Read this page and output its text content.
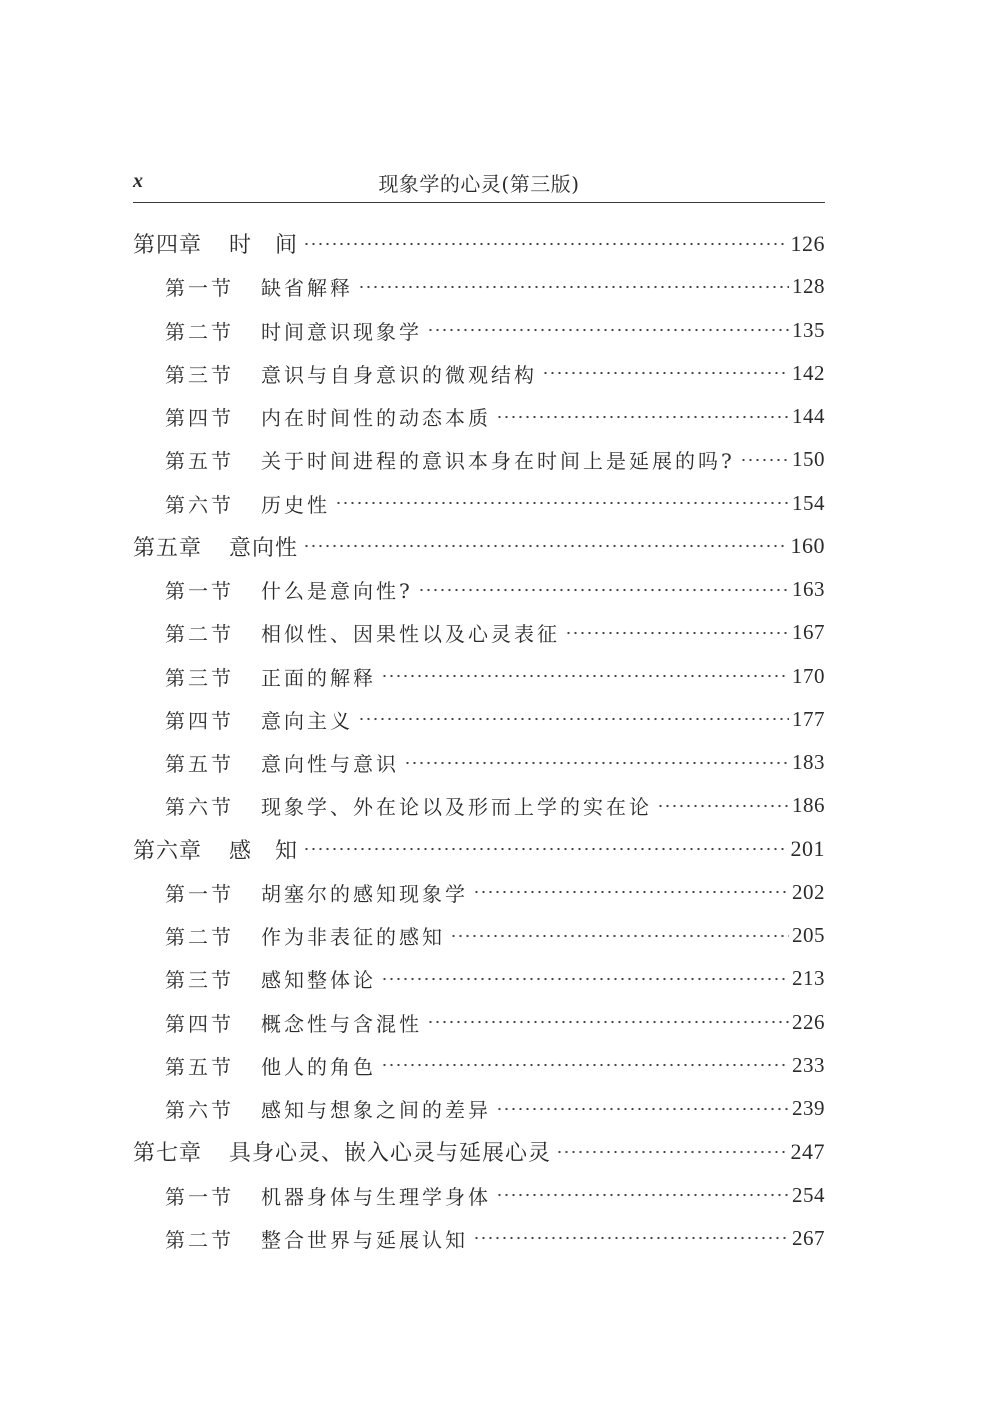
x	现象学的心灵(第三版)
第四章	时　间	126
第一节	缺省解释	128
第二节	时间意识现象学	135
第三节	意识与自身意识的微观结构	142
第四节	内在时间性的动态本质	144
第五节	关于时间进程的意识本身在时间上是延展的吗?	150
第六节	历史性	154
第五章	意向性	160
第一节	什么是意向性?	163
第二节	相似性、因果性以及心灵表征	167
第三节	正面的解释	170
第四节	意向主义	177
第五节	意向性与意识	183
第六节	现象学、外在论以及形而上学的实在论	186
第六章	感　知	201
第一节	胡塞尔的感知现象学	202
第二节	作为非表征的感知	205
第三节	感知整体论	213
第四节	概念性与含混性	226
第五节	他人的角色	233
第六节	感知与想象之间的差异	239
第七章	具身心灵、嵌入心灵与延展心灵	247
第一节	机器身体与生理学身体	254
第二节	整合世界与延展认知	267
